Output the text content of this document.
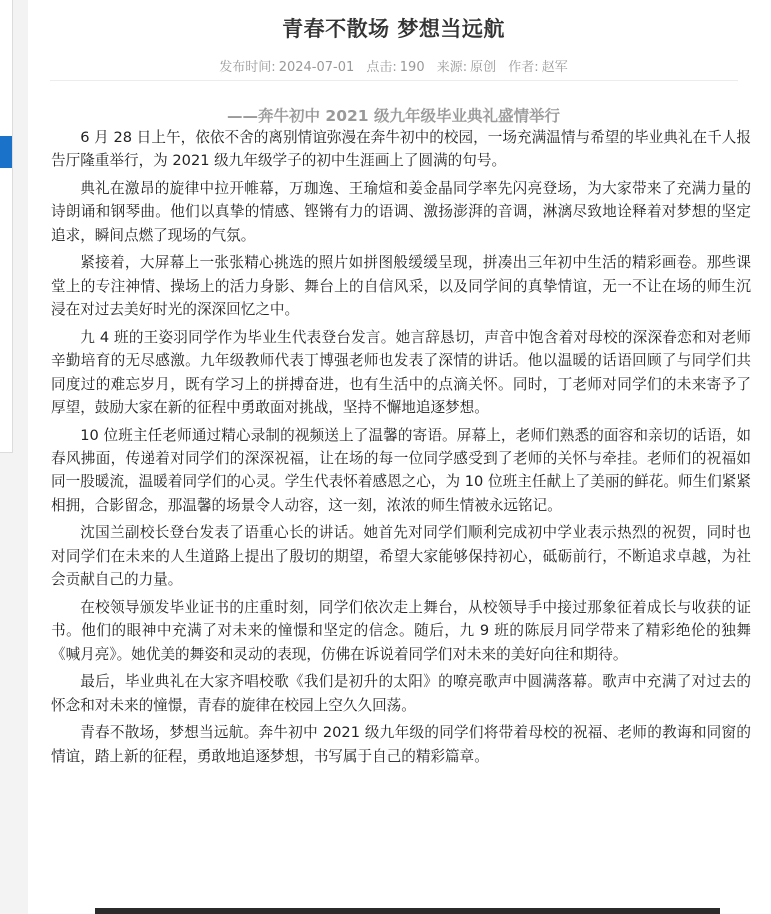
青春不散场 梦想当远航
发布时间: 2024-07-01 点击: 190 来源: 原创 作者: 赵军
——奔牛初中 2021 级九年级毕业典礼盛情举行

6 月 28 日上午，依依不舍的离别情谊弥漫在奔牛初中的校园，一场充满温情与希望的毕业典礼在千人报告厅隆重举行，为 2021 级九年级学子的初中生涯画上了圆满的句号。

典礼在激昂的旋律中拉开帷幕，万珈逸、王瑜煊和姜金晶同学率先闪亮登场，为大家带来了充满力量的诗朗诵和钢琴曲。他们以真挚的情感、铿锵有力的语调、激扬澎湃的音调，淋漓尽致地诠释着对梦想的坚定追求，瞬间点燃了现场的气氛。

紧接着，大屏幕上一张张精心挑选的照片如拼图般缓缓呈现，拼凑出三年初中生活的精彩画卷。那些课堂上的专注神情、操场上的活力身影、舞台上的自信风采，以及同学间的真挚情谊，无一不让在场的师生沉浸在对过去美好时光的深深回忆之中。

九 4 班的王姿羽同学作为毕业生代表登台发言。她言辞恳切，声音中饱含着对母校的深深眷恋和对老师辛勤培育的无尽感激。九年级教师代表丁博强老师也发表了深情的讲话。他以温暖的话语回顾了与同学们共同度过的难忘岁月，既有学习上的拼搏奋进，也有生活中的点滴关怀。同时，丁老师对同学们的未来寄予了厚望，鼓励大家在新的征程中勇敢面对挑战，坚持不懈地追逐梦想。

10 位班主任老师通过精心录制的视频送上了温馨的寄语。屏幕上，老师们熟悉的面容和亲切的话语，如春风拂面，传递着对同学们的深深祝福，让在场的每一位同学感受到了老师的关怀与牵挂。老师们的祝福如同一股暖流，温暖着同学们的心灵。学生代表怀着感恩之心，为 10 位班主任献上了美丽的鲜花。师生们紧紧相拥，合影留念，那温馨的场景令人动容，这一刻，浓浓的师生情被永远铭记。

沈国兰副校长登台发表了语重心长的讲话。她首先对同学们顺利完成初中学业表示热烈的祝贺，同时也对同学们在未来的人生道路上提出了殷切的期望，希望大家能够保持初心，砥砺前行，不断追求卓越，为社会贡献自己的力量。

在校领导颁发毕业证书的庄重时刻，同学们依次走上舞台，从校领导手中接过那象征着成长与收获的证书。他们的眼神中充满了对未来的憧憬和坚定的信念。随后，九 9 班的陈辰月同学带来了精彩绝伦的独舞《喊月亮》。她优美的舞姿和灵动的表现，仿佛在诉说着同学们对未来的美好向往和期待。

最后，毕业典礼在大家齐唱校歌《我们是初升的太阳》的嘹亮歌声中圆满落幕。歌声中充满了对过去的怀念和对未来的憧憬，青春的旋律在校园上空久久回荡。

青春不散场，梦想当远航。奔牛初中 2021 级九年级的同学们将带着母校的祝福、老师的教诲和同窗的情谊，踏上新的征程，勇敢地追逐梦想，书写属于自己的精彩篇章。
